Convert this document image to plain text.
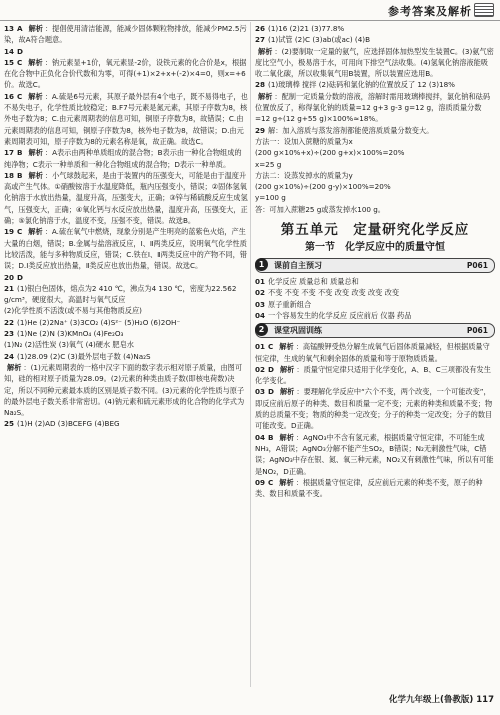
参考答案及解析

13 A 解析 ：提倡使用清洁能源，能减少固体颗粒物排放，能减少PM2.5污染，故A符合题意。

14 D

15 C 解析 ：钠元素显+1价，氧元素显-2价，设铁元素的化合价是x，根据在化合物中正负化合价代数和为零，可得(+1)×2+x+(-2)×4=0，则x=+6价。故选C。

16 C 解析 ：A.硫是6号元素，其原子最外层有4个电子，既不易得电子，也不易失电子，化学性质比较稳定；B.F7号元素是氮元素，其原子序数为8，核外电子数为8；C.由元素周期表的信息可知，铜原子序数为8，故错误；C.由元素周期表的信息可知，铜原子序数为8，核外电子数为8，故错误；D.由元素周期表可知，原子序数为8的元素名称是氧，故正确。故选C。

17 B 解析 ：A表示由两种单质组成的混合物；B表示由一种化合物组成的纯净物；C表示一种单质和一种化合物组成的混合物；D表示一种单质。

18 B 解析 ：小气球鼓起来，是由于装置内的压强变大，可能是由于温度升高或产生气体。①硝酸铵溶于水温度降低，瓶内压强变小，错误；②固体氢氧化钠溶于水放出热量，温度升高，压强变大，正确；③锌与稀硫酸反应生成氢气，压强变大，正确；④氧化钙与水反应放出热量，温度升高，压强变大，正确；⑤氯化钠溶于水，温度不变，压强不变，错误。故选B。

19 C 解析 ：A.硫在氧气中燃烧，现象分别是产生明亮的蓝紫色火焰，产生大量的白烟，错误；B.金属与盐溶液反应，Ⅰ、Ⅱ两类反应，说明氧气化学性质比较活泼，能与多种物质反应，错误；C.铁在Ⅰ、Ⅱ两类反应中的产物不同，错误；D.Ⅰ类反应放出热量，Ⅱ类反应也放出热量，错误。故选C。

20 D

21 (1)银白色固体，熔点为2 410 ℃，沸点为4 130 ℃，密度为22.562 g/cm³，硬度很大，高温时与氧气反应

(2)化学性质不活泼(或不易与其他物质反应)

22 (1)He (2)2Na⁺ (3)3CO₂ (4)S²⁻ (5)H₂O (6)2OH⁻

23 (1)Ne (2)N (3)KMnO₄ (4)Fe₂O₃

(1)N₂ (2)活性炭 (3)氧气 (4)硬水 肥皂水

24 (1)28.09 (2)C (3)最外层电子数 (4)Na₂S

解析 ：(1)元素周期表的一格中汉字下面的数字表示相对原子质量，由图可知，硅的相对原子质量为28.09。(2)元素的种类由质子数(即核电荷数)决定，所以不同种元素最本质的区别是质子数不同。(3)元素的化学性质与原子的最外层电子数关系非常密切。(4)钠元素和硫元素形成的化合物的化学式为Na₂S。

25 (1)H (2)AD (3)BCEFG (4)BEG

26 (1)16 (2)21 (3)77.8%

27 (1)试管 (2)C (3)ab(或ac) (4)B

解析 ：(2)要制取一定量的氨气，应选择固体加热型发生装置C。(3)氨气密度比空气小，极易溶于水，可用向下排空气法收集。(4)氢氧化钠溶液能吸收二氧化碳，所以收集氧气用B装置，所以装置应选用B。

28 (1)玻璃棒 搅拌 (2)砝码和氯化钠的位置放反了 12 (3)18%

解析 ：配制一定质量分数的溶液，溶解时需用玻璃棒搅拌，氯化钠和砝码位置放反了，称得氯化钠的质量=12 g+3 g-3 g=12 g，溶质质量分数=12 g÷(12 g+55 g)×100%≈18%。

29 解：加入溶质与蒸发溶剂都能使溶质质量分数变大。

方法一：设加入蔗糖的质量为x

(200 g×10%+x)÷(200 g+x)×100%=20%

x=25 g

方法二：设蒸发掉水的质量为y

(200 g×10%)÷(200 g-y)×100%=20%

y=100 g

答：可加入蔗糖25 g或蒸发掉水100 g。

第五单元　定量研究化学反应
第一节　化学反应中的质量守恒
1	课前自主预习	P061

01 化学反应 质量总和 质量总和

02 不变 不变 不变 不变 改变 改变 改变 改变

03 原子重新组合

04 一个容易发生的化学反应 反应前后 仪器 药品

2	课堂巩固训练	P061

01 C 解析 ：高锰酸钾受热分解生成氧气后固体质量减轻，但根据质量守恒定律，生成的氧气和剩余固体的质量和等于原物质质量。

02 D 解析 ：质量守恒定律只适用于化学变化，A、B、C三项都没有发生化学变化。

03 D 解析 ：要理解化学反应中“六个不变，两个改变，一个可能改变”，即反应前后原子的种类、数目和质量一定不变；元素的种类和质量不变；物质的总质量不变；物质的种类一定改变；分子的种类一定改变；分子的数目可能改变。D正确。

04 B 解析 ：AgNO₃中不含有氢元素，根据质量守恒定律，不可能生成NH₃，A错误；AgNO₃分解不能产生SO₂，B错误；N₂无刺激性气味，C错误；AgNO₃中存在银、氮、氧三种元素，NO₂又有刺激性气味，所以有可能是NO₂，D正确。

09 C 解析 ：根据质量守恒定律，反应前后元素的种类不变，原子的种类、数目和质量不变。

化学九年级上(鲁教版) 117
